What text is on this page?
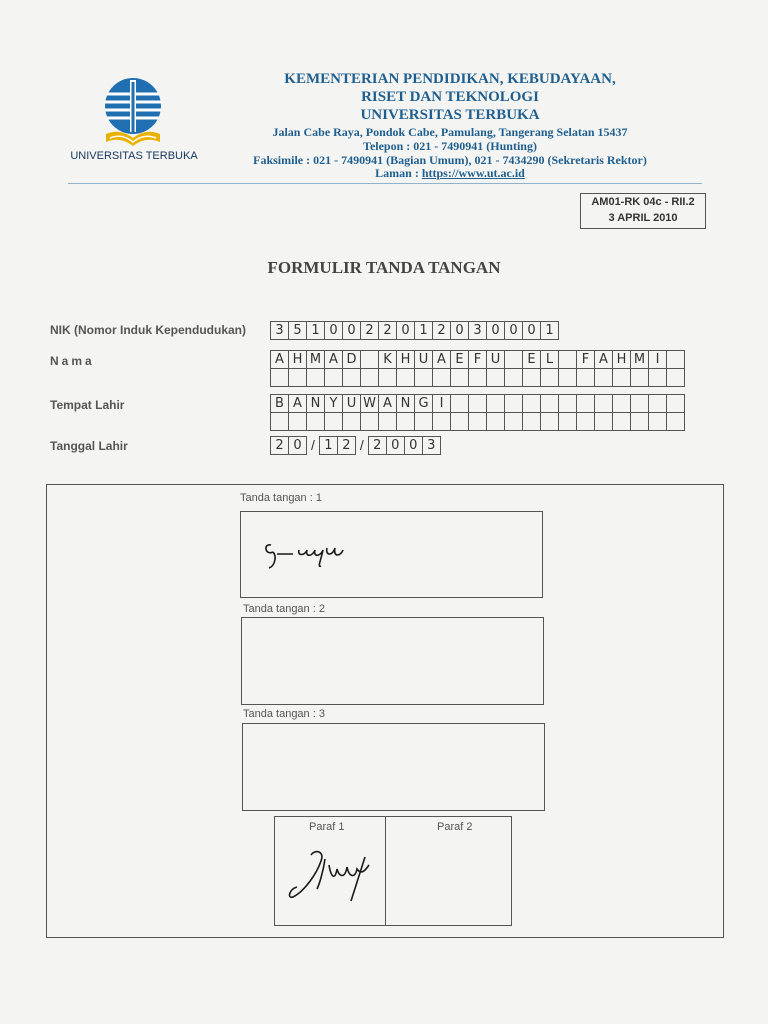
UNIVERSITAS TERBUKA
KEMENTERIAN PENDIDIKAN, KEBUDAYAAN,
RISET DAN TEKNOLOGI
UNIVERSITAS TERBUKA
Jalan Cabe Raya, Pondok Cabe, Pamulang, Tangerang Selatan 15437
Telepon : 021 - 7490941 (Hunting)
Faksimile : 021 - 7490941 (Bagian Umum), 021 - 7434290 (Sekretaris Rektor)
Laman : https://www.ut.ac.id
AM01-RK 04c - RII.2
3 APRIL 2010
FORMULIR TANDA TANGAN
NIK (Nomor Induk Kependudukan)	3 5 1 0 0 2 2 0 1 2 0 3 0 0 0 1
Nama	A H M A D	K H U A E F U	E L	F A H M I
Tempat Lahir	B A N Y U W A N G I
Tanggal Lahir	2 0 / 1 2 / 2 0 0 3
Tanda tangan : 1
Tanda tangan : 2
Tanda tangan : 3
Paraf 1	Paraf 2
